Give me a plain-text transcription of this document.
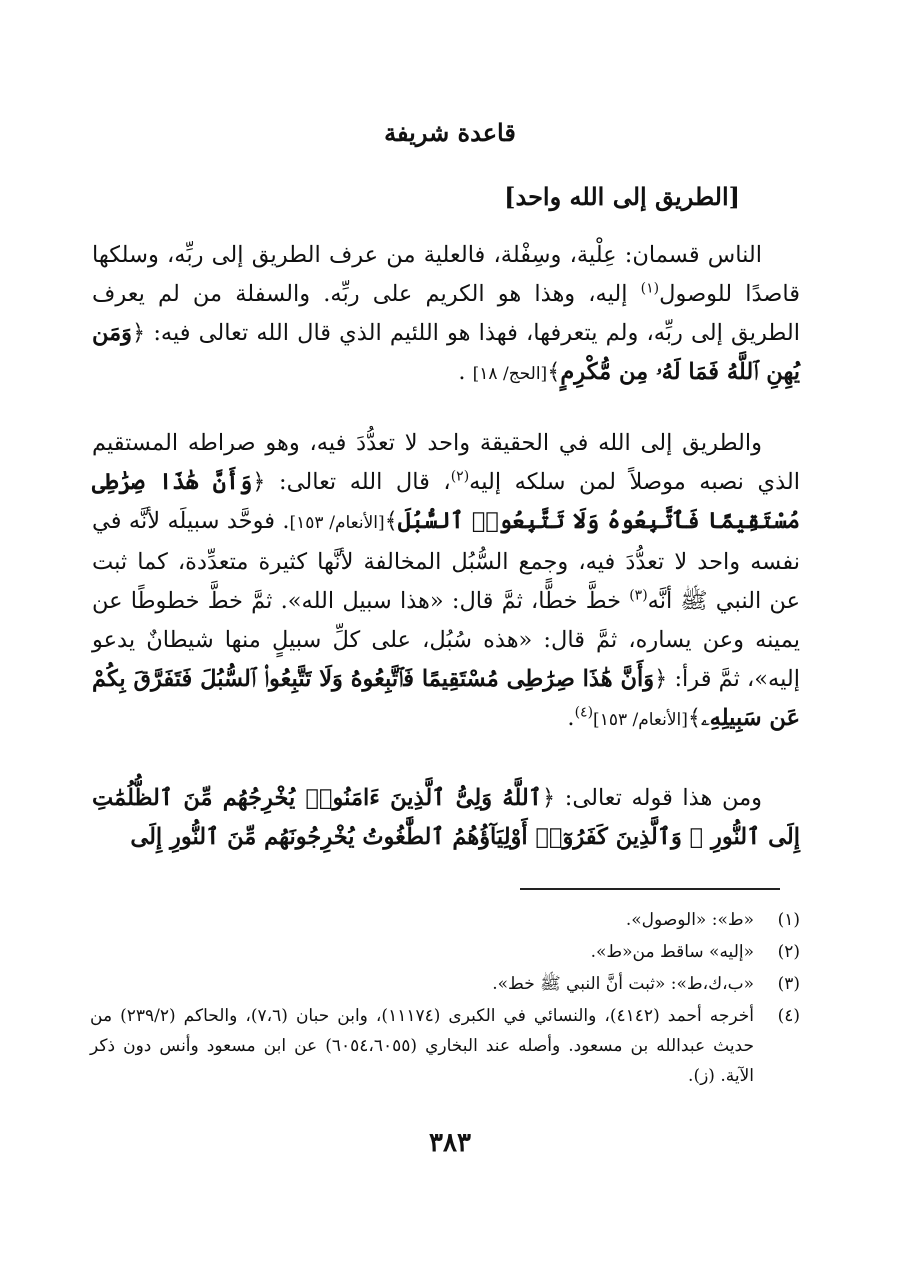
قاعدة شريفة
[الطريق إلى الله واحد]

الناس قسمان: عِلْية، وسِفْلة، فالعلية من عرف الطريق إلى ربِّه، وسلكها قاصدًا للوصول$^{(١)}$ إليه، وهذا هو الكريم على ربِّه. والسفلة من لم يعرف الطريق إلى ربِّه، ولم يتعرفها، فهذا هو اللئيم الذي قال الله تعالى فيه: ﴿وَمَن يُهِنِ ٱللَّهُ فَمَا لَهُۥ مِن مُّكْرِمٍ﴾[الحج/ ١٨] .

والطريق إلى الله في الحقيقة واحد لا تعدُّدَ فيه، وهو صراطه المستقيم الذي نصبه موصلاً لمن سلكه إليه$^{(٢)}$، قال الله تعالى: ﴿وَأَنَّ هَٰذَا صِرَٰطِى مُسْتَقِيمًا فَٱتَّبِعُوهُ وَلَا تَتَّبِعُوا۟ ٱلسُّبُلَ﴾[الأنعام/ ١٥٣]. فوحَّد سبيلَه لأنَّه في نفسه واحد لا تعدُّدَ فيه، وجمع السُّبُل المخالفة لأنَّها كثيرة متعدِّدة، كما ثبت عن النبي ﷺ أنَّه$^{(٣)}$ خطَّ خطًّا، ثمَّ قال: «هذا سبيل الله». ثمَّ خطَّ خطوطًا عن يمينه وعن يساره، ثمَّ قال: «هذه سُبُل، على كلِّ سبيلٍ منها شيطانٌ يدعو إليه»، ثمَّ قرأ: ﴿وَأَنَّ هَٰذَا صِرَٰطِى مُسْتَقِيمًا فَٱتَّبِعُوهُ وَلَا تَتَّبِعُوا۟ ٱلسُّبُلَ فَتَفَرَّقَ بِكُمْ عَن سَبِيلِهِۦ﴾[الأنعام/ ١٥٣]$^{(٤)}$.

ومن هذا قوله تعالى: ﴿ٱللَّهُ وَلِىُّ ٱلَّذِينَ ءَامَنُوا۟ يُخْرِجُهُم مِّنَ ٱلظُّلُمَٰتِ إِلَى ٱلنُّورِ ۖ وَٱلَّذِينَ كَفَرُوٓا۟ أَوْلِيَآؤُهُمُ ٱلطَّٰغُوتُ يُخْرِجُونَهُم مِّنَ ٱلنُّورِ إِلَى

(١)
«ط»: «الوصول».
(٢)
«إليه» ساقط من«ط».
(٣)
«ب،ك،ط»: «ثبت أنَّ النبي ﷺ خط».
(٤)
أخرجه أحمد (٤١٤٢)، والنسائي في الكبرى (١١١٧٤)، وابن حبان (٧،٦)، والحاكم (٢٣٩/٢) من حديث عبدالله بن مسعود. وأصله عند البخاري (٦٠٥٤،٦٠٥٥) عن ابن مسعود وأنس دون ذكر الآية. (ز).
٣٨٣
